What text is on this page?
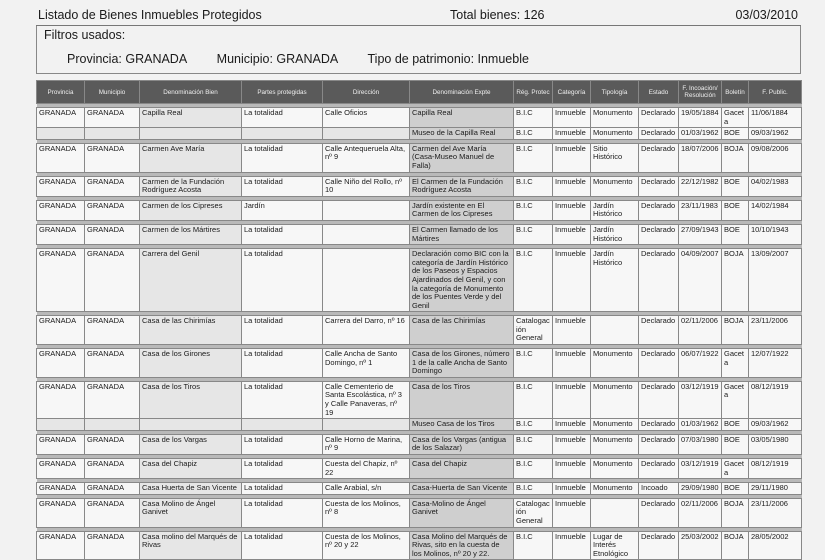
Listado de Bienes Inmuebles Protegidos	Total bienes: 126	03/03/2010
Filtros usados:
Provincia: GRANADA Municipio: GRANADA Tipo de patrimonio: Inmueble
Provincia	Municipio	Denominación Bien	Partes protegidas	Dirección	Denominación Expte	Rég. Protec	Categoría	Tipología	Estado	F. Incoación/ Resolución	Boletín	F. Public.

GRANADA	GRANADA	Capilla Real	La totalidad	Calle Oficios	Capilla Real	B.I.C	Inmueble	Monumento	Declarado	19/05/1884	Gaceta	11/06/1884
					Museo de la Capilla Real	B.I.C	Inmueble	Monumento	Declarado	01/03/1962	BOE	09/03/1962

GRANADA	GRANADA	Carmen Ave María	La totalidad	Calle Antequeruela Alta, nº 9	Carmen del Ave María (Casa-Museo Manuel de Falla)	B.I.C	Inmueble	Sitio Histórico	Declarado	18/07/2006	BOJA	09/08/2006

GRANADA	GRANADA	Carmen de la Fundación Rodríguez Acosta	La totalidad	Calle Niño del Rollo, nº 10	El Carmen de la Fundación Rodríguez Acosta	B.I.C	Inmueble	Monumento	Declarado	22/12/1982	BOE	04/02/1983

GRANADA	GRANADA	Carmen de los Cipreses	Jardín		Jardín existente en El Carmen de los Cipreses	B.I.C	Inmueble	Jardín Histórico	Declarado	23/11/1983	BOE	14/02/1984

GRANADA	GRANADA	Carmen de los Mártires	La totalidad		El Carmen llamado de los Mártires	B.I.C	Inmueble	Jardín Histórico	Declarado	27/09/1943	BOE	10/10/1943

GRANADA	GRANADA	Carrera del Genil	La totalidad		Declaración como BIC con la categoría de Jardín Histórico de los Paseos y Espacios Ajardinados del Genil, y con la categoría de Monumento de los Puentes Verde y del Genil	B.I.C	Inmueble	Jardín Histórico	Declarado	04/09/2007	BOJA	13/09/2007

GRANADA	GRANADA	Casa de las Chirimías	La totalidad	Carrera del Darro, nº 16	Casa de las Chirimías	Catalogación General	Inmueble		Declarado	02/11/2006	BOJA	23/11/2006

GRANADA	GRANADA	Casa de los Girones	La totalidad	Calle Ancha de Santo Domingo, nº 1	Casa de los Girones, número 1 de la calle Ancha de Santo Domingo	B.I.C	Inmueble	Monumento	Declarado	06/07/1922	Gaceta	12/07/1922

GRANADA	GRANADA	Casa de los Tiros	La totalidad	Calle Cementerio de Santa Escolástica, nº 3 y Calle Panaveras, nº 19	Casa de los Tiros	B.I.C	Inmueble	Monumento	Declarado	03/12/1919	Gaceta	08/12/1919
					Museo Casa de los Tiros	B.I.C	Inmueble	Monumento	Declarado	01/03/1962	BOE	09/03/1962

GRANADA	GRANADA	Casa de los Vargas	La totalidad	Calle Horno de Marina, nº 9	Casa de los Vargas (antigua de los Salazar)	B.I.C	Inmueble	Monumento	Declarado	07/03/1980	BOE	03/05/1980

GRANADA	GRANADA	Casa del Chapiz	La totalidad	Cuesta del Chapiz, nº 22	Casa del Chapiz	B.I.C	Inmueble	Monumento	Declarado	03/12/1919	Gaceta	08/12/1919

GRANADA	GRANADA	Casa Huerta de San Vicente	La totalidad	Calle Arabial, s/n	Casa-Huerta de San Vicente	B.I.C	Inmueble	Monumento	Incoado	29/09/1980	BOE	29/11/1980

GRANADA	GRANADA	Casa Molino de Ángel Ganivet	La totalidad	Cuesta de los Molinos, nº 8	Casa-Molino de Ángel Ganivet	Catalogación General	Inmueble		Declarado	02/11/2006	BOJA	23/11/2006

GRANADA	GRANADA	Casa molino del Marqués de Rivas	La totalidad	Cuesta de los Molinos, nº 20 y 22	Casa Molino del Marqués de Rivas, sito en la cuesta de los Molinos, nº 20 y 22.	B.I.C	Inmueble	Lugar de Interés Etnológico	Declarado	25/03/2002	BOJA	28/05/2002
